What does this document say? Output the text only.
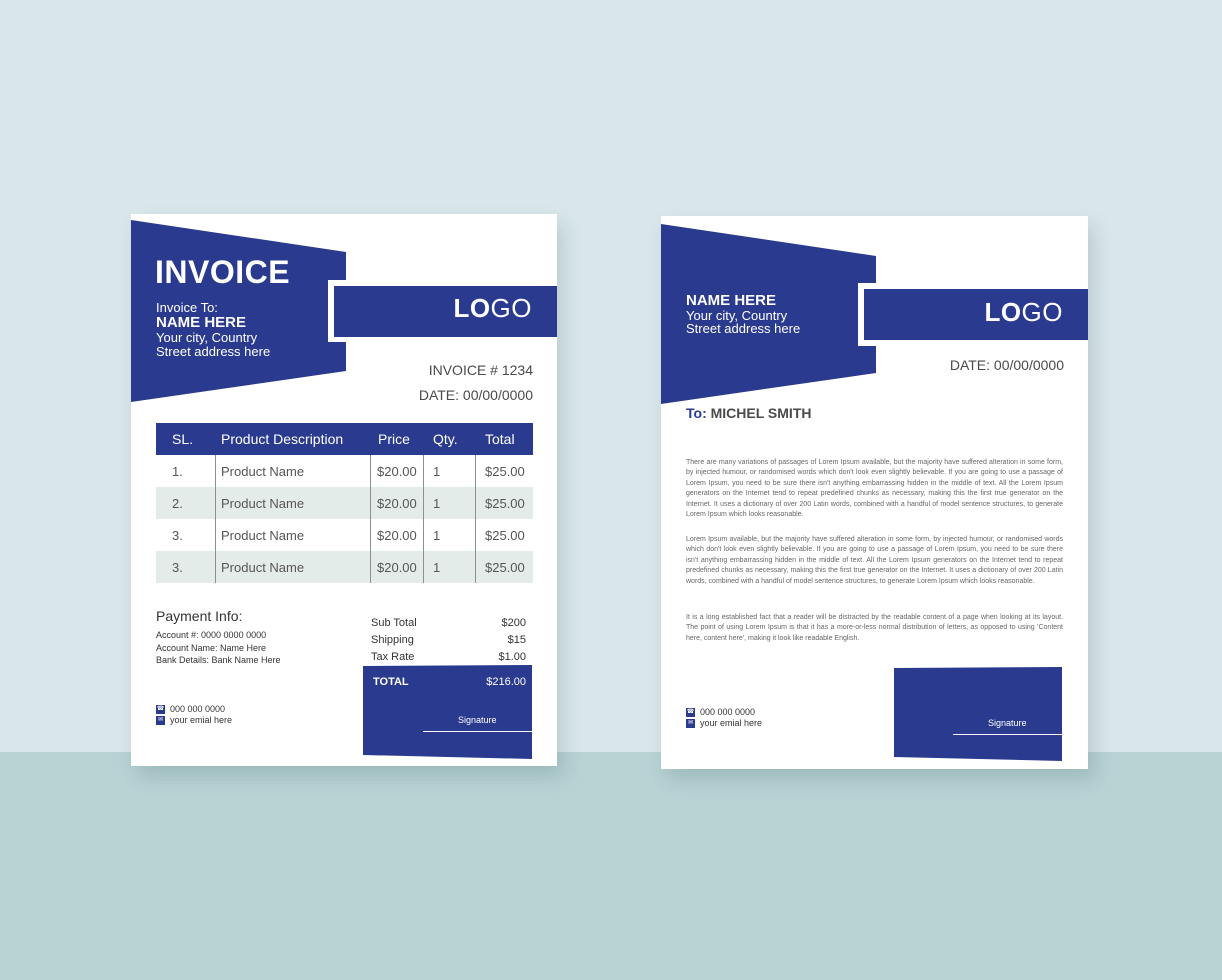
INVOICE
Invoice To:
NAME HERE
Your city, Country
Street address here
LOGO
INVOICE # 1234
DATE: 00/00/0000
SL. Product Description Price Qty. Total
1.	Product Name	$20.00 1	$25.00
2.	Product Name	$20.00 1	$25.00
3.	Product Name	$20.00 1	$25.00
3.	Product Name	$20.00 1	$25.00
Payment Info:
Account #: 0000 0000 0000
Account Name: Name Here
Bank Details: Bank Name Here
Sub Total	$200
Shipping	$15
Tax Rate	$1.00
TOTAL	$216.00
Signature
☎ 000 000 0000
✉ your emial here
NAME HERE
Your city, Country
Street address here
LOGO
DATE: 00/00/0000
To: MICHEL SMITH
There are many variations of passages of Lorem Ipsum available, but the majority have suffered alteration in some form, by injected humour, or randomised words which don't look even slightly believable. If you are going to use a passage of Lorem Ipsum, you need to be sure there isn't anything embarrassing hidden in the middle of text. All the Lorem Ipsum generators on the Internet tend to repeat predefined chunks as necessary, making this the first true generator on the Internet. It uses a dictionary of over 200 Latin words, combined with a handful of model sentence structures, to generate Lorem Ipsum which looks reasonable.
Lorem Ipsum available, but the majority have suffered alteration in some form, by injected humour, or randomised words which don't look even slightly believable. If you are going to use a passage of Lorem Ipsum, you need to be sure there isn't anything embarrassing hidden in the middle of text. All the Lorem Ipsum generators on the Internet tend to repeat predefined chunks as necessary, making this the first true generator on the Internet. It uses a dictionary of over 200 Latin words, combined with a handful of model sentence structures, to generate Lorem Ipsum which looks reasonable.
It is a long established fact that a reader will be distracted by the readable content of a page when looking at its layout. The point of using Lorem Ipsum is that it has a more-or-less normal distribution of letters, as opposed to using 'Content here, content here', making it look like readable English.
Signature
☎ 000 000 0000
✉ your emial here
